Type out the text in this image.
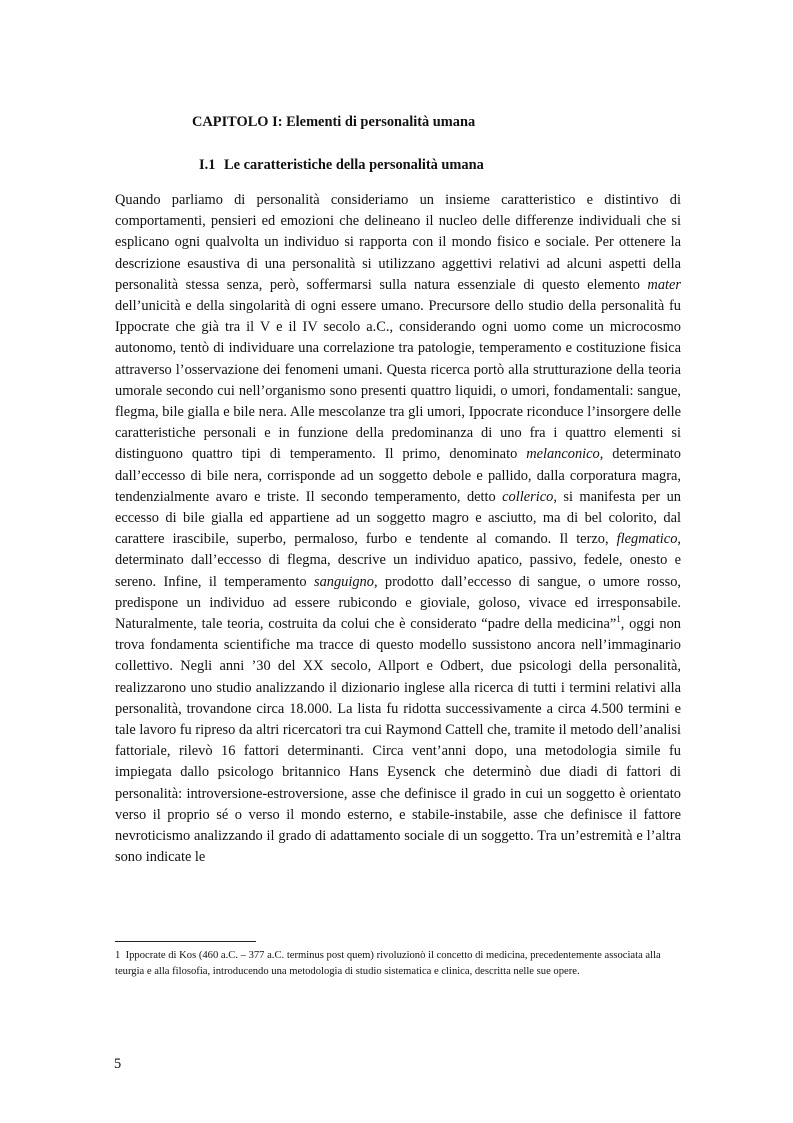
CAPITOLO I: Elementi di personalità umana
I.1 Le caratteristiche della personalità umana

Quando parliamo di personalità consideriamo un insieme caratteristico e distintivo di comportamenti, pensieri ed emozioni che delineano il nucleo delle differenze individuali che si esplicano ogni qualvolta un individuo si rapporta con il mondo fisico e sociale. Per ottenere la descrizione esaustiva di una personalità si utilizzano aggettivi relativi ad alcuni aspetti della personalità stessa senza, però, soffermarsi sulla natura essenziale di questo elemento mater dell’unicità e della singolarità di ogni essere umano. Precursore dello studio della personalità fu Ippocrate che già tra il V e il IV secolo a.C., considerando ogni uomo come un microcosmo autonomo, tentò di individuare una correlazione tra patologie, temperamento e costituzione fisica attraverso l’osservazione dei fenomeni umani. Questa ricerca portò alla strutturazione della teoria umorale secondo cui nell’organismo sono presenti quattro liquidi, o umori, fondamentali: sangue, flegma, bile gialla e bile nera. Alle mescolanze tra gli umori, Ippocrate riconduce l’insorgere delle caratteristiche personali e in funzione della predominanza di uno fra i quattro elementi si distinguono quattro tipi di temperamento. Il primo, denominato melanconico, determinato dall’eccesso di bile nera, corrisponde ad un soggetto debole e pallido, dalla corporatura magra, tendenzialmente avaro e triste. Il secondo temperamento, detto collerico, si manifesta per un eccesso di bile gialla ed appartiene ad un soggetto magro e asciutto, ma di bel colorito, dal carattere irascibile, superbo, permaloso, furbo e tendente al comando. Il terzo, flegmatico, determinato dall’eccesso di flegma, descrive un individuo apatico, passivo, fedele, onesto e sereno. Infine, il temperamento sanguigno, prodotto dall’eccesso di sangue, o umore rosso, predispone un individuo ad essere rubicondo e gioviale, goloso, vivace ed irresponsabile. Naturalmente, tale teoria, costruita da colui che è considerato “padre della medicina”$^1$, oggi non trova fondamenta scientifiche ma tracce di questo modello sussistono ancora nell’immaginario collettivo. Negli anni ’30 del XX secolo, Allport e Odbert, due psicologi della personalità, realizzarono uno studio analizzando il dizionario inglese alla ricerca di tutti i termini relativi alla personalità, trovandone circa 18.000. La lista fu ridotta successivamente a circa 4.500 termini e tale lavoro fu ripreso da altri ricercatori tra cui Raymond Cattell che, tramite il metodo dell’analisi fattoriale, rilevò 16 fattori determinanti. Circa vent’anni dopo, una metodologia simile fu impiegata dallo psicologo britannico Hans Eysenck che determinò due diadi di fattori di personalità: introversione-estroversione, asse che definisce il grado in cui un soggetto è orientato verso il proprio sé o verso il mondo esterno, e stabile-instabile, asse che definisce il fattore nevroticismo analizzando il grado di adattamento sociale di un soggetto. Tra un’estremità e l’altra sono indicate le

1 Ippocrate di Kos (460 a.C. – 377 a.C. terminus post quem) rivoluzionò il concetto di medicina, precedentemente associata alla teurgia e alla filosofia, introducendo una metodologia di studio sistematica e clinica, descritta nelle sue opere.

5
